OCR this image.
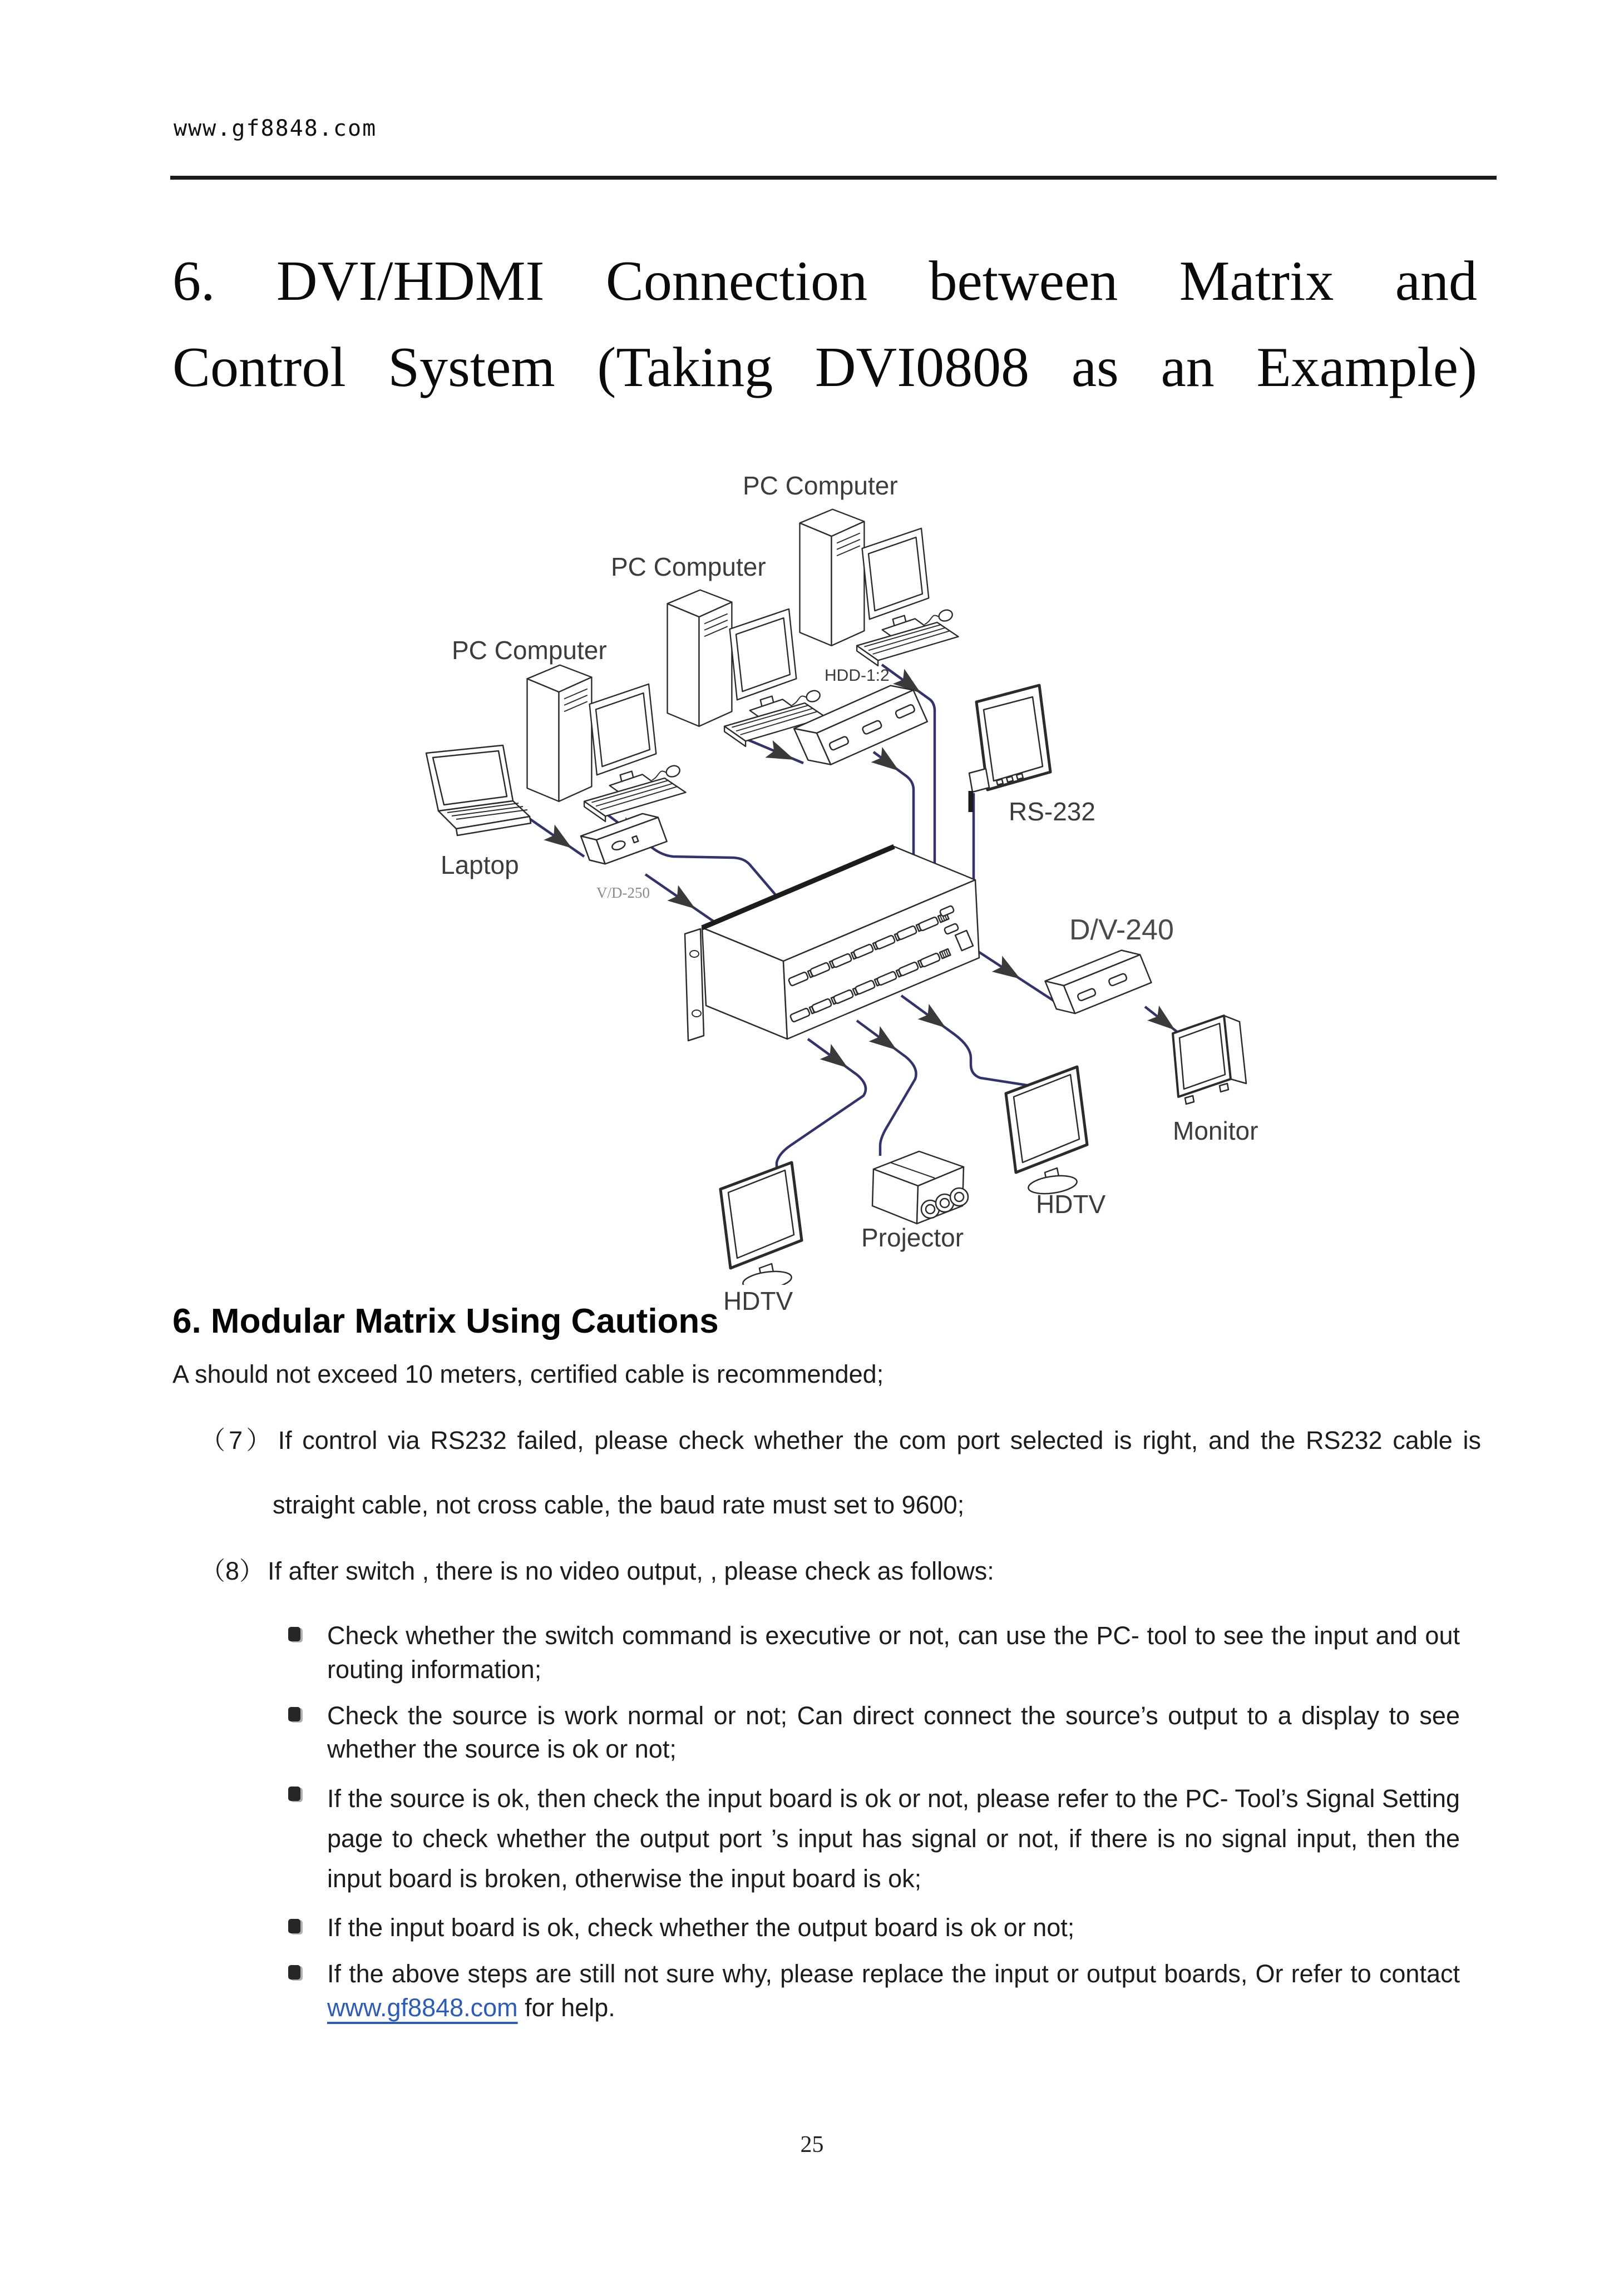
www.gf8848.com
6. DVI/HDMI Connection between Matrix and
Control System (Taking DVI0808 as an Example)
PC Computer
PC Computer
PC Computer
HDD-1:2
RS-232
Laptop
V/D-250
D/V-240
Monitor
HDTV
Projector
HDTV
6. Modular Matrix Using Cautions
A should not exceed 10 meters, certified cable is recommended;
（7） If control via RS232 failed, please check whether the com port selected is right, and the RS232 cable is
straight cable, not cross cable, the baud rate must set to 9600;
（8） If after switch , there is no video output, , please check as follows:
Check whether the switch command is executive or not, can use the PC- tool to see the input and out routing information;
Check the source is work normal or not; Can direct connect the source’s output to a display to see whether the source is ok or not;
If the source is ok, then check the input board is ok or not, please refer to the PC- Tool’s Signal Setting page to check whether the output port ’s input has signal or not, if there is no signal input, then the input board is broken, otherwise the input board is ok;
If the input board is ok, check whether the output board is ok or not;
If the above steps are still not sure why, please replace the input or output boards, Or refer to contact www.gf8848.com for help.
25
